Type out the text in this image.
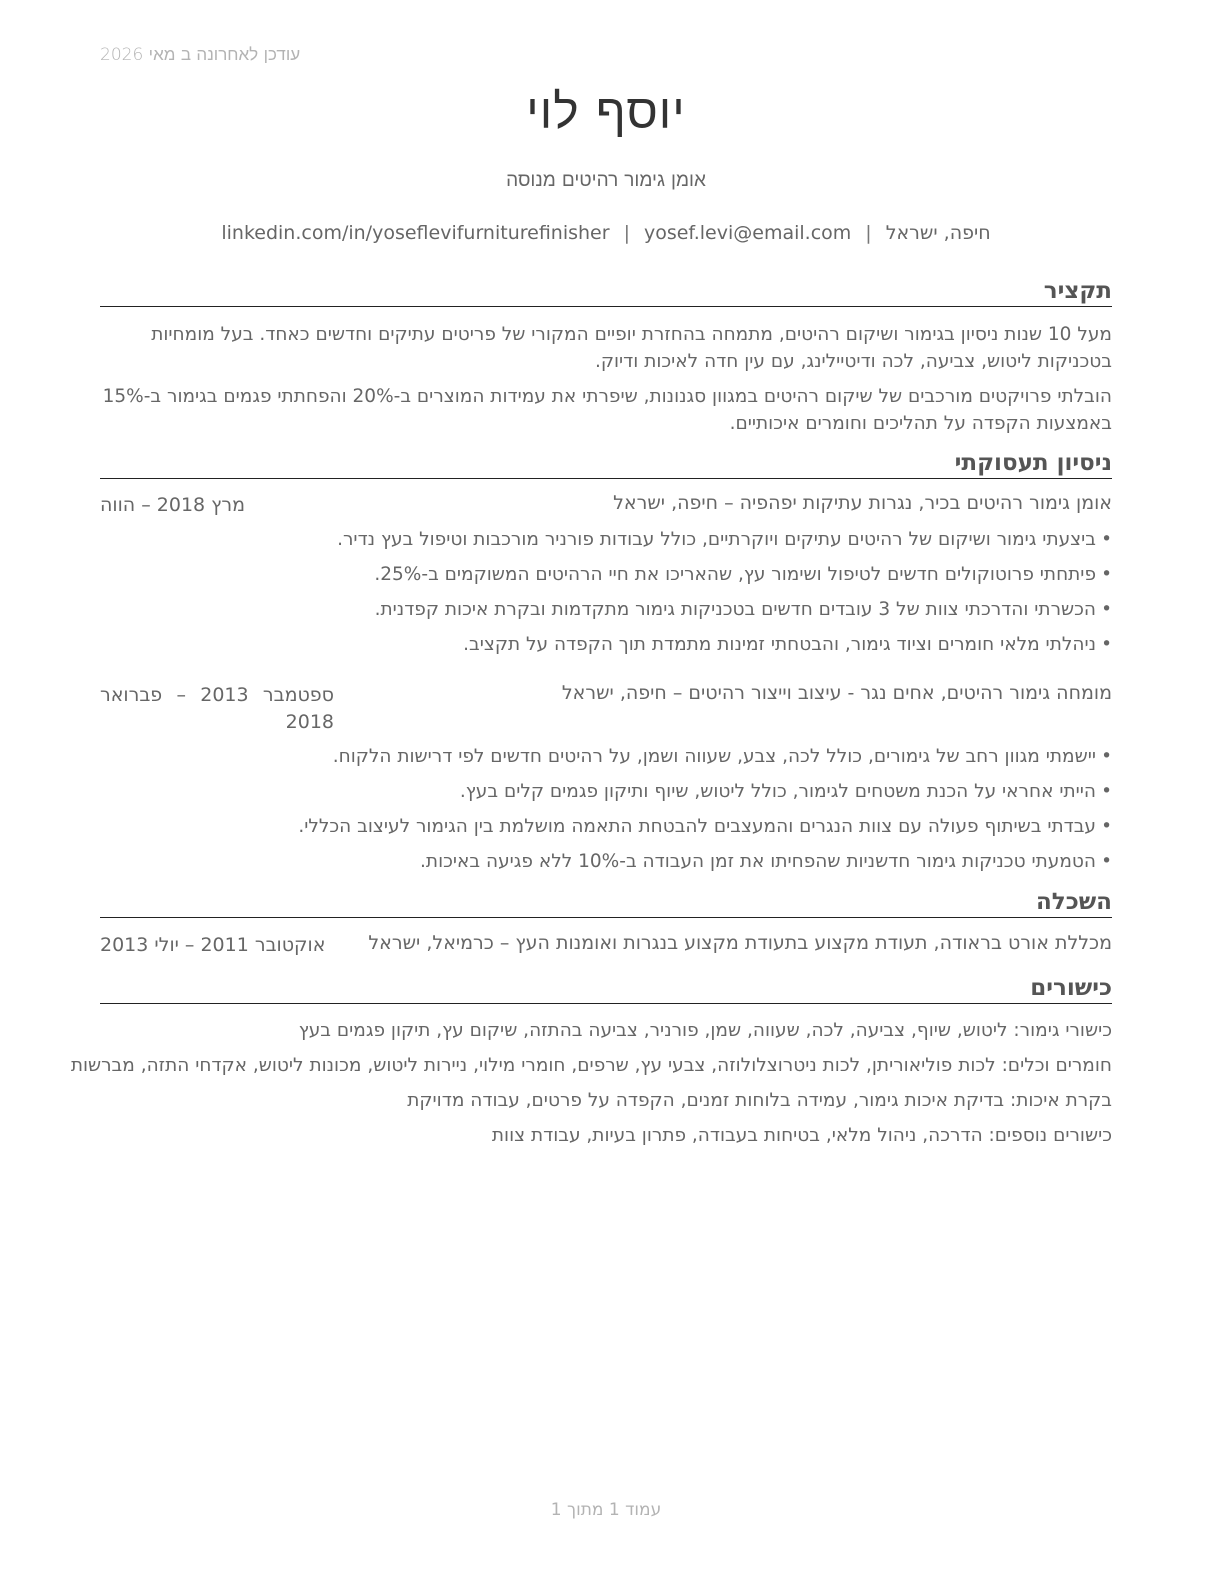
עודכן לאחרונה ב מאי 2026
יוסף לוי
אומן גימור רהיטים מנוסה
חיפה, ישראל|yosef.levi@email.com|linkedin.com/in/yoseflevifurniturefinisher
תקציר

מעל 10 שנות ניסיון בגימור ושיקום רהיטים, מתמחה בהחזרת יופיים המקורי של פריטים עתיקים וחדשים כאחד. בעל מומחיות בטכניקות ליטוש, צביעה, לכה ודיטיילינג, עם עין חדה לאיכות ודיוק.

הובלתי פרויקטים מורכבים של שיקום רהיטים במגוון סגנונות, שיפרתי את עמידות המוצרים ב-20% והפחתתי פגמים בגימור ב-15% באמצעות הקפדה על תהליכים וחומרים איכותיים.

ניסיון תעסוקתי
אומן גימור רהיטים בכיר, נגרות עתיקות יפהפיה – חיפה, ישראל
מרץ 2018 – הווה
• ביצעתי גימור ושיקום של רהיטים עתיקים ויוקרתיים, כולל עבודות פורניר מורכבות וטיפול בעץ נדיר.
• פיתחתי פרוטוקולים חדשים לטיפול ושימור עץ, שהאריכו את חיי הרהיטים המשוקמים ב-25%.
• הכשרתי והדרכתי צוות של 3 עובדים חדשים בטכניקות גימור מתקדמות ובקרת איכות קפדנית.
• ניהלתי מלאי חומרים וציוד גימור, והבטחתי זמינות מתמדת תוך הקפדה על תקציב.
מומחה גימור רהיטים, אחים נגר - עיצוב וייצור רהיטים – חיפה, ישראל
ספטמבר 2013 – פברואר 2018
• יישמתי מגוון רחב של גימורים, כולל לכה, צבע, שעווה ושמן, על רהיטים חדשים לפי דרישות הלקוח.
• הייתי אחראי על הכנת משטחים לגימור, כולל ליטוש, שיוף ותיקון פגמים קלים בעץ.
• עבדתי בשיתוף פעולה עם צוות הנגרים והמעצבים להבטחת התאמה מושלמת בין הגימור לעיצוב הכללי.
• הטמעתי טכניקות גימור חדשניות שהפחיתו את זמן העבודה ב-10% ללא פגיעה באיכות.
השכלה
מכללת אורט בראודה, תעודת מקצוע בתעודת מקצוע בנגרות ואומנות העץ – כרמיאל, ישראל
אוקטובר 2011 – יולי 2013
כישורים

כישורי גימור: ליטוש, שיוף, צביעה, לכה, שעווה, שמן, פורניר, צביעה בהתזה, שיקום עץ, תיקון פגמים בעץ

חומרים וכלים: לכות פוליאוריתן, לכות ניטרוצלולוזה, צבעי עץ, שרפים, חומרי מילוי, ניירות ליטוש, מכונות ליטוש, אקדחי התזה, מברשות

בקרת איכות: בדיקת איכות גימור, עמידה בלוחות זמנים, הקפדה על פרטים, עבודה מדויקת

כישורים נוספים: הדרכה, ניהול מלאי, בטיחות בעבודה, פתרון בעיות, עבודת צוות

עמוד 1 מתוך 1
